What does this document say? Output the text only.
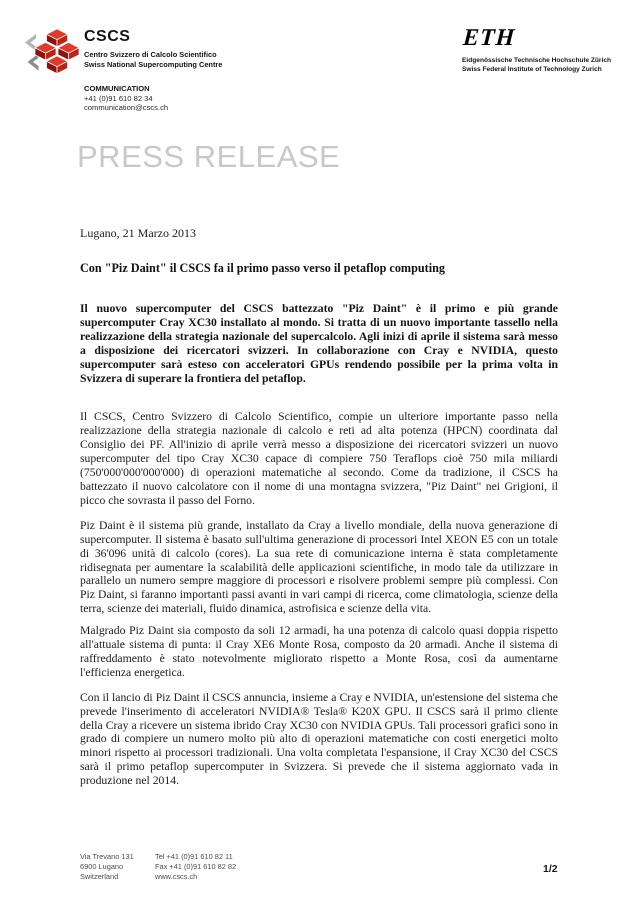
CSCS
Centro Svizzero di Calcolo Scientifico
Swiss National Supercomputing Centre
ETH
Eidgenössische Technische Hochschule Zürich
Swiss Federal Institute of Technology Zurich
COMMUNICATION
+41 (0)91 610 82 34
communication@cscs.ch
PRESS RELEASE

Lugano, 21 Marzo 2013

Con "Piz Daint" il CSCS fa il primo passo verso il petaflop computing

Il nuovo supercomputer del CSCS battezzato "Piz Daint" è il primo e più grande supercomputer Cray XC30 installato al mondo. Si tratta di un nuovo importante tassello nella realizzazione della strategia nazionale del supercalcolo. Agli inizi di aprile il sistema sarà messo a disposizione dei ricercatori svizzeri. In collaborazione con Cray e NVIDIA, questo supercomputer sarà esteso con acceleratori GPUs rendendo possibile per la prima volta in Svizzera di superare la frontiera del petaflop.

Il CSCS, Centro Svizzero di Calcolo Scientifico, compie un ulteriore importante passo nella realizzazione della strategia nazionale di calcolo e reti ad alta potenza (HPCN) coordinata dal Consiglio dei PF. All'inizio di aprile verrà messo a disposizione dei ricercatori svizzeri un nuovo supercomputer del tipo Cray XC30 capace di compiere 750 Teraflops cioè 750 mila miliardi (750'000'000'000'000) di operazioni matematiche al secondo. Come da tradizione, il CSCS ha battezzato il nuovo calcolatore con il nome di una montagna svizzera, "Piz Daint" nei Grigioni, il picco che sovrasta il passo del Forno.

Piz Daint è il sistema più grande, installato da Cray a livello mondiale, della nuova generazione di supercomputer. Il sistema è basato sull'ultima generazione di processori Intel XEON E5 con un totale di 36'096 unità di calcolo (cores). La sua rete di comunicazione interna è stata completamente ridisegnata per aumentare la scalabilità delle applicazioni scientifiche, in modo tale da utilizzare in parallelo un numero sempre maggiore di processori e risolvere problemi sempre più complessi. Con Piz Daint, si faranno importanti passi avanti in vari campi di ricerca, come climatologia, scienze della terra, scienze dei materiali, fluido dinamica, astrofisica e scienze della vita.

Malgrado Piz Daint sia composto da soli 12 armadi, ha una potenza di calcolo quasi doppia rispetto all'attuale sistema di punta: il Cray XE6 Monte Rosa, composto da 20 armadi. Anche il sistema di raffreddamento è stato notevolmente migliorato rispetto a Monte Rosa, così da aumentarne l'efficienza energetica.

Con il lancio di Piz Daint il CSCS annuncia, insieme a Cray e NVIDIA, un'estensione del sistema che prevede l'inserimento di acceleratori NVIDIA® Tesla® K20X GPU. Il CSCS sarà il primo cliente della Cray a ricevere un sistema ibrido Cray XC30 con NVIDIA GPUs. Tali processori grafici sono in grado di compiere un numero molto più alto di operazioni matematiche con costi energetici molto minori rispetto ai processori tradizionali. Una volta completata l'espansione, il Cray XC30 del CSCS sarà il primo petaflop supercomputer in Svizzera. Si prevede che il sistema aggiornato vada in produzione nel 2014.

Via Trevano 131
6900 Lugano
Switzerland
Tel +41 (0)91 610 82 11
Fax +41 (0)91 610 82 82
www.cscs.ch
1/2
